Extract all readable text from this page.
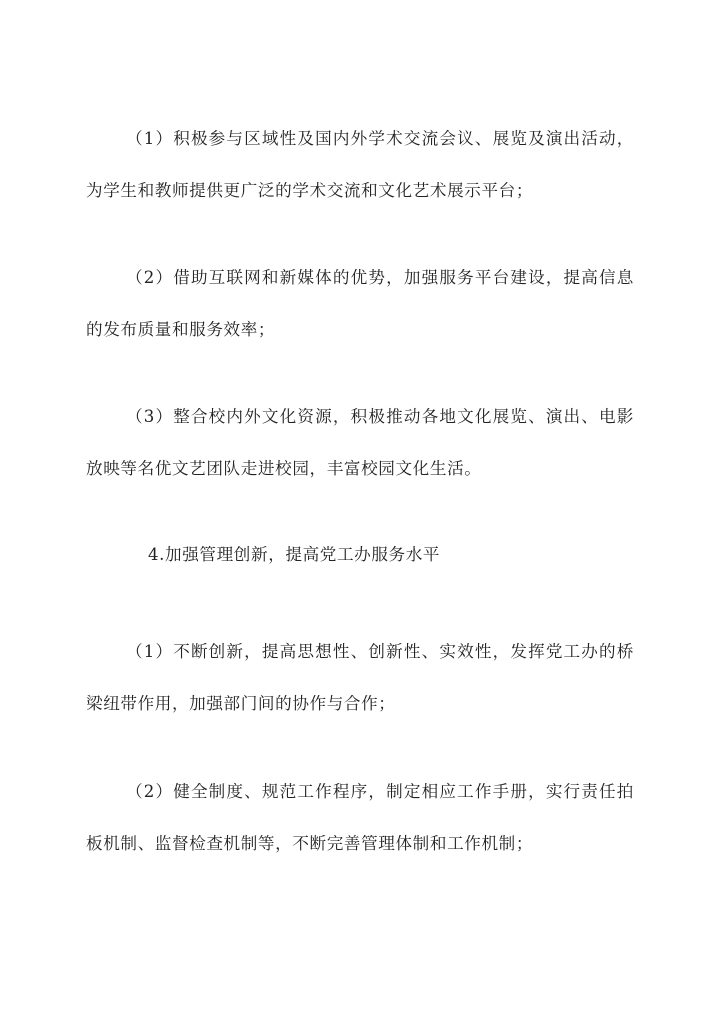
（1）积极参与区域性及国内外学术交流会议、展览及演出活动，为学生和教师提供更广泛的学术交流和文化艺术展示平台；

（2）借助互联网和新媒体的优势，加强服务平台建设，提高信息的发布质量和服务效率；

（3）整合校内外文化资源，积极推动各地文化展览、演出、电影放映等名优文艺团队走进校园，丰富校园文化生活。

4.加强管理创新，提高党工办服务水平

（1）不断创新，提高思想性、创新性、实效性，发挥党工办的桥梁纽带作用，加强部门间的协作与合作；

（2）健全制度、规范工作程序，制定相应工作手册，实行责任拍板机制、监督检查机制等，不断完善管理体制和工作机制；
